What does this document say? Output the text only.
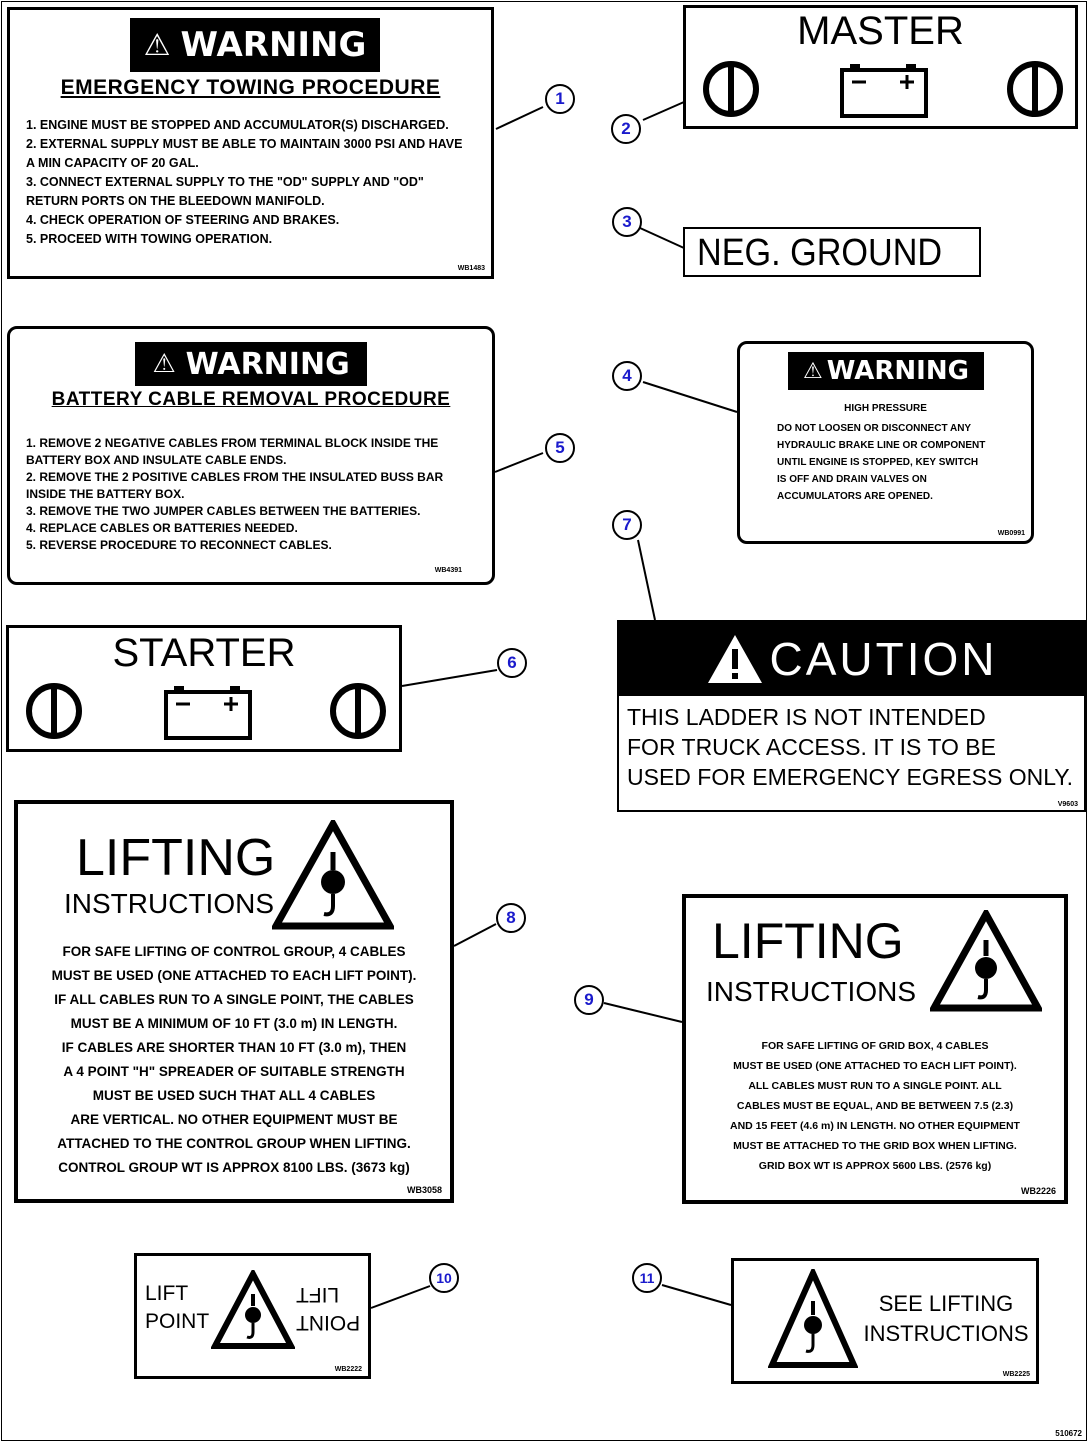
⚠ WARNING
EMERGENCY TOWING PROCEDURE
1. ENGINE MUST BE STOPPED AND ACCUMULATOR(S) DISCHARGED.
2. EXTERNAL SUPPLY MUST BE ABLE TO MAINTAIN 3000 PSI AND HAVE A MIN CAPACITY OF 20 GAL.
3. CONNECT EXTERNAL SUPPLY TO THE "OD" SUPPLY AND "OD" RETURN PORTS ON THE BLEEDOWN MANIFOLD.
4. CHECK OPERATION OF STEERING AND BRAKES.
5. PROCEED WITH TOWING OPERATION.
WB1483
MASTER
NEG. GROUND
⚠ WARNING
HIGH PRESSURE
DO NOT LOOSEN OR DISCONNECT ANY HYDRAULIC BRAKE LINE OR COMPONENT UNTIL ENGINE IS STOPPED, KEY SWITCH IS OFF AND DRAIN VALVES ON ACCUMULATORS ARE OPENED.
WB0991
⚠ WARNING
BATTERY CABLE REMOVAL PROCEDURE
1. REMOVE 2 NEGATIVE CABLES FROM TERMINAL BLOCK INSIDE THE BATTERY BOX AND INSULATE CABLE ENDS.
2. REMOVE THE 2 POSITIVE CABLES FROM THE INSULATED BUSS BAR INSIDE THE BATTERY BOX.
3. REMOVE THE TWO JUMPER CABLES BETWEEN THE BATTERIES.
4. REPLACE CABLES OR BATTERIES NEEDED.
5. REVERSE PROCEDURE TO RECONNECT CABLES.
WB4391
STARTER	CAUTION
THIS LADDER IS NOT INTENDED
FOR TRUCK ACCESS. IT IS TO BE
USED FOR EMERGENCY EGRESS ONLY.
V9603
LIFTING
INSTRUCTIONS
FOR SAFE LIFTING OF CONTROL GROUP, 4 CABLES
MUST BE USED (ONE ATTACHED TO EACH LIFT POINT).
IF ALL CABLES RUN TO A SINGLE POINT, THE CABLES
MUST BE A MINIMUM OF 10 FT (3.0 m) IN LENGTH.
IF CABLES ARE SHORTER THAN 10 FT (3.0 m), THEN
A 4 POINT "H" SPREADER OF SUITABLE STRENGTH
MUST BE USED SUCH THAT ALL 4 CABLES
ARE VERTICAL. NO OTHER EQUIPMENT MUST BE
ATTACHED TO THE CONTROL GROUP WHEN LIFTING.
CONTROL GROUP WT IS APPROX 8100 LBS. (3673 kg)
WB3058
LIFTING
INSTRUCTIONS
FOR SAFE LIFTING OF GRID BOX, 4 CABLES
MUST BE USED (ONE ATTACHED TO EACH LIFT POINT).
ALL CABLES MUST RUN TO A SINGLE POINT. ALL
CABLES MUST BE EQUAL, AND BE BETWEEN 7.5 (2.3)
AND 15 FEET (4.6 m) IN LENGTH. NO OTHER EQUIPMENT
MUST BE ATTACHED TO THE GRID BOX WHEN LIFTING.
GRID BOX WT IS APPROX 5600 LBS. (2576 kg)
WB2226
LIFT
POINT	POINT
LIFT
WB2222
SEE LIFTING
INSTRUCTIONS
WB2225
1
2
3
4
5
6
7
8
9
10	11
510672
